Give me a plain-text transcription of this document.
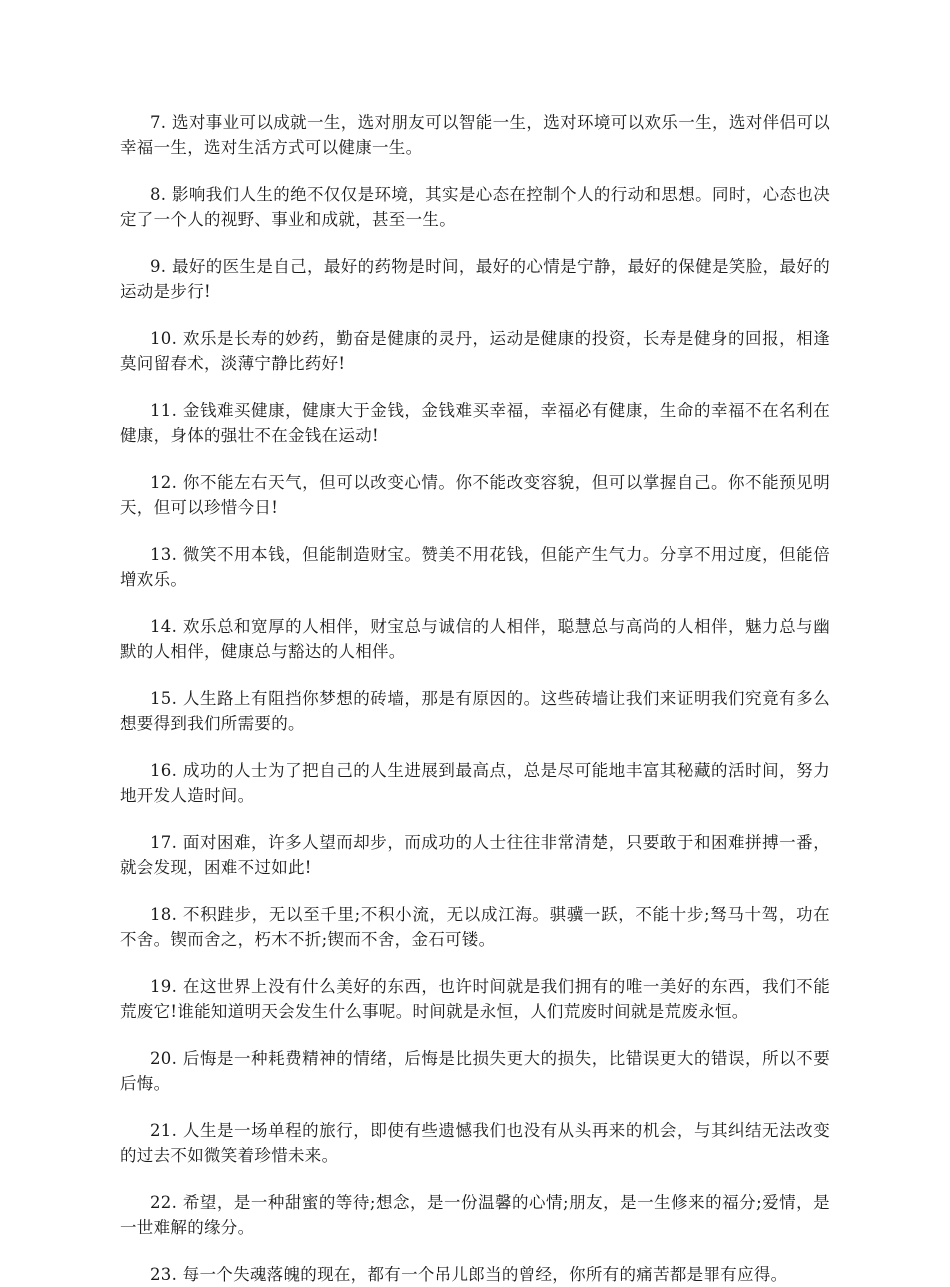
7. 选对事业可以成就一生，选对朋友可以智能一生，选对环境可以欢乐一生，选对伴侣可以幸福一生，选对生活方式可以健康一生。

8. 影响我们人生的绝不仅仅是环境，其实是心态在控制个人的行动和思想。同时，心态也决定了一个人的视野、事业和成就，甚至一生。

9. 最好的医生是自己，最好的药物是时间，最好的心情是宁静，最好的保健是笑脸，最好的运动是步行!

10. 欢乐是长寿的妙药，勤奋是健康的灵丹，运动是健康的投资，长寿是健身的回报，相逢莫问留春术，淡薄宁静比药好!

11. 金钱难买健康，健康大于金钱，金钱难买幸福，幸福必有健康，生命的幸福不在名利在健康，身体的强壮不在金钱在运动!

12. 你不能左右天气，但可以改变心情。你不能改变容貌，但可以掌握自己。你不能预见明天，但可以珍惜今日!

13. 微笑不用本钱，但能制造财宝。赞美不用花钱，但能产生气力。分享不用过度，但能倍增欢乐。

14. 欢乐总和宽厚的人相伴，财宝总与诚信的人相伴，聪慧总与高尚的人相伴，魅力总与幽默的人相伴，健康总与豁达的人相伴。

15. 人生路上有阻挡你梦想的砖墙，那是有原因的。这些砖墙让我们来证明我们究竟有多么想要得到我们所需要的。

16. 成功的人士为了把自己的人生进展到最高点，总是尽可能地丰富其秘藏的活时间，努力地开发人造时间。

17. 面对困难，许多人望而却步，而成功的人士往往非常清楚，只要敢于和困难拼搏一番，就会发现，困难不过如此!

18. 不积跬步，无以至千里;不积小流，无以成江海。骐骥一跃，不能十步;驽马十驾，功在不舍。锲而舍之，朽木不折;锲而不舍，金石可镂。

19. 在这世界上没有什么美好的东西，也许时间就是我们拥有的唯一美好的东西，我们不能荒废它!谁能知道明天会发生什么事呢。时间就是永恒，人们荒废时间就是荒废永恒。

20. 后悔是一种耗费精神的情绪，后悔是比损失更大的损失，比错误更大的错误，所以不要后悔。

21. 人生是一场单程的旅行，即使有些遗憾我们也没有从头再来的机会，与其纠结无法改变的过去不如微笑着珍惜未来。

22. 希望，是一种甜蜜的等待;想念，是一份温馨的心情;朋友，是一生修来的福分;爱情，是一世难解的缘分。

23. 每一个失魂落魄的现在，都有一个吊儿郎当的曾经，你所有的痛苦都是罪有应得。
